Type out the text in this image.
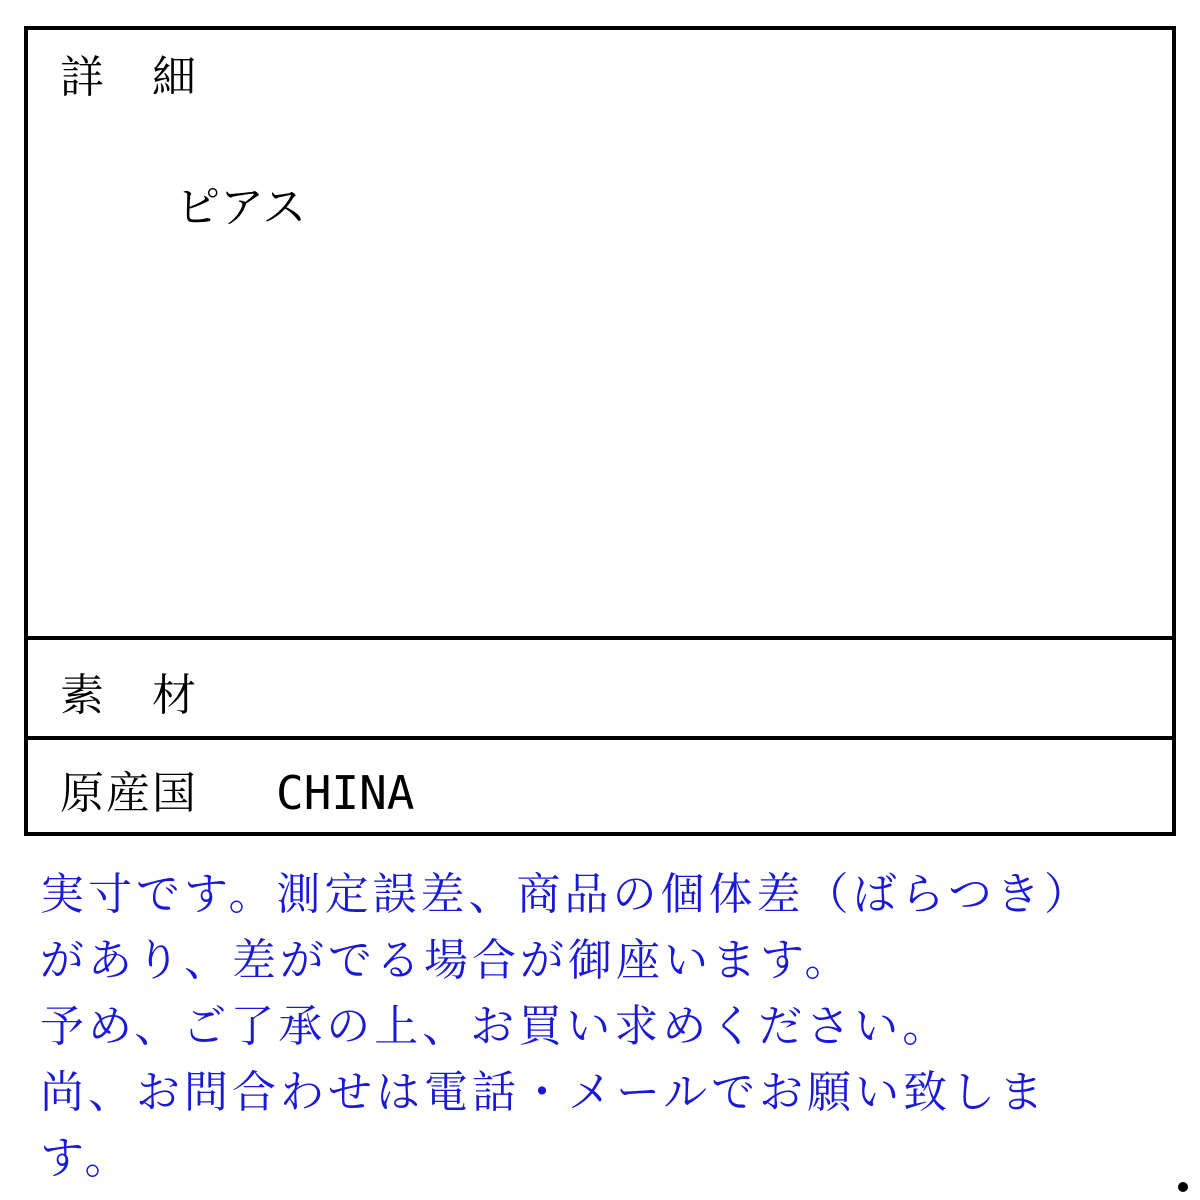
詳　細
ピアス
素　材
原産国 CHINA

実寸です。測定誤差、商品の個体差（ばらつき）
があり、差がでる場合が御座います。
予め、ご了承の上、お買い求めください。
尚、お問合わせは電話・メールでお願い致しま
す。
